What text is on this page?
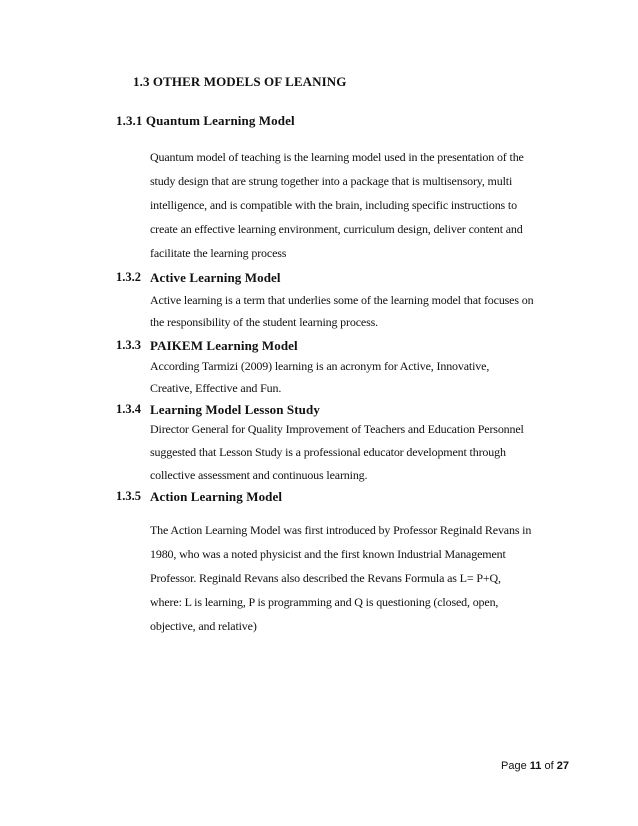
1.3 OTHER MODELS OF LEANING
1.3.1 Quantum Learning Model
Quantum model of teaching is the learning model used in the presentation of the
study design that are strung together into a package that is multisensory, multi
intelligence, and is compatible with the brain, including specific instructions to
create an effective learning environment, curriculum design, deliver content and
facilitate the learning process
1.3.2 Active Learning Model
Active learning is a term that underlies some of the learning model that focuses on
the responsibility of the student learning process.
1.3.3 PAIKEM Learning Model
According Tarmizi (2009) learning is an acronym for Active, Innovative,
Creative, Effective and Fun.
1.3.4 Learning Model Lesson Study
Director General for Quality Improvement of Teachers and Education Personnel
suggested that Lesson Study is a professional educator development through
collective assessment and continuous learning.
1.3.5 Action Learning Model
The Action Learning Model was first introduced by Professor Reginald Revans in
1980, who was a noted physicist and the first known Industrial Management
Professor. Reginald Revans also described the Revans Formula as L= P+Q,
where: L is learning, P is programming and Q is questioning (closed, open,
objective, and relative)
Page 11 of 27
